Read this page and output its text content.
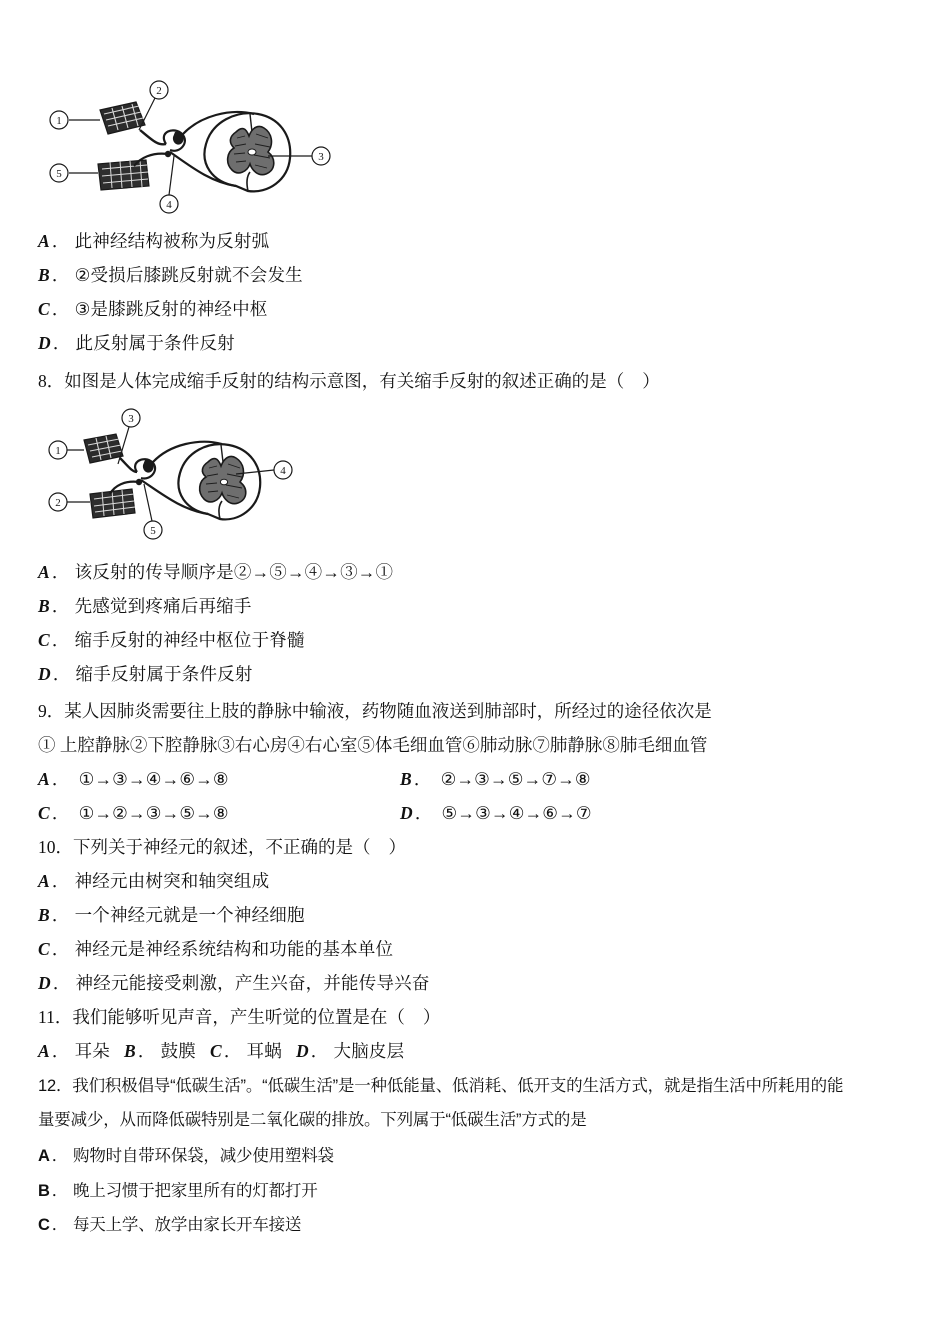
1
2
3
4
5
A ． 此神经结构被称为反射弧
B ． ②受损后膝跳反射就不会发生
C ． ③是膝跳反射的神经中枢
D ． 此反射属于条件反射
8．如图是人体完成缩手反射的结构示意图，有关缩手反射的叙述正确的是（ ）
1
2
3
4
5
A ． 该反射的传导顺序是②→⑤→④→③→①
B ． 先感觉到疼痛后再缩手
C ． 缩手反射的神经中枢位于脊髓
D ． 缩手反射属于条件反射
9．某人因肺炎需要往上肢的静脉中输液，药物随血液送到肺部时，所经过的途径依次是
① 上腔静脉②下腔静脉③右心房④右心室⑤体毛细血管⑥肺动脉⑦肺静脉⑧肺毛细血管
A ． ①→③→④→⑥→⑧	B ． ②→③→⑤→⑦→⑧
C ． ①→②→③→⑤→⑧	D ． ⑤→③→④→⑥→⑦
10．下列关于神经元的叙述，不正确的是（ ）
A ． 神经元由树突和轴突组成
B ． 一个神经元就是一个神经细胞
C ． 神经元是神经系统结构和功能的基本单位
D ． 神经元能接受刺激，产生兴奋，并能传导兴奋
11．我们能够听见声音，产生听觉的位置是在（ ）
A ． 耳朵 B ． 鼓膜 C ． 耳蜗 D ． 大脑皮层
12．我们积极倡导“低碳生活”。“低碳生活”是一种低能量、低消耗、低开支的生活方式，就是指生活中所耗用的能
量要减少，从而降低碳特别是二氧化碳的排放。下列属于“低碳生活”方式的是
A ． 购物时自带环保袋，减少使用塑料袋
B ． 晚上习惯于把家里所有的灯都打开
C ． 每天上学、放学由家长开车接送
